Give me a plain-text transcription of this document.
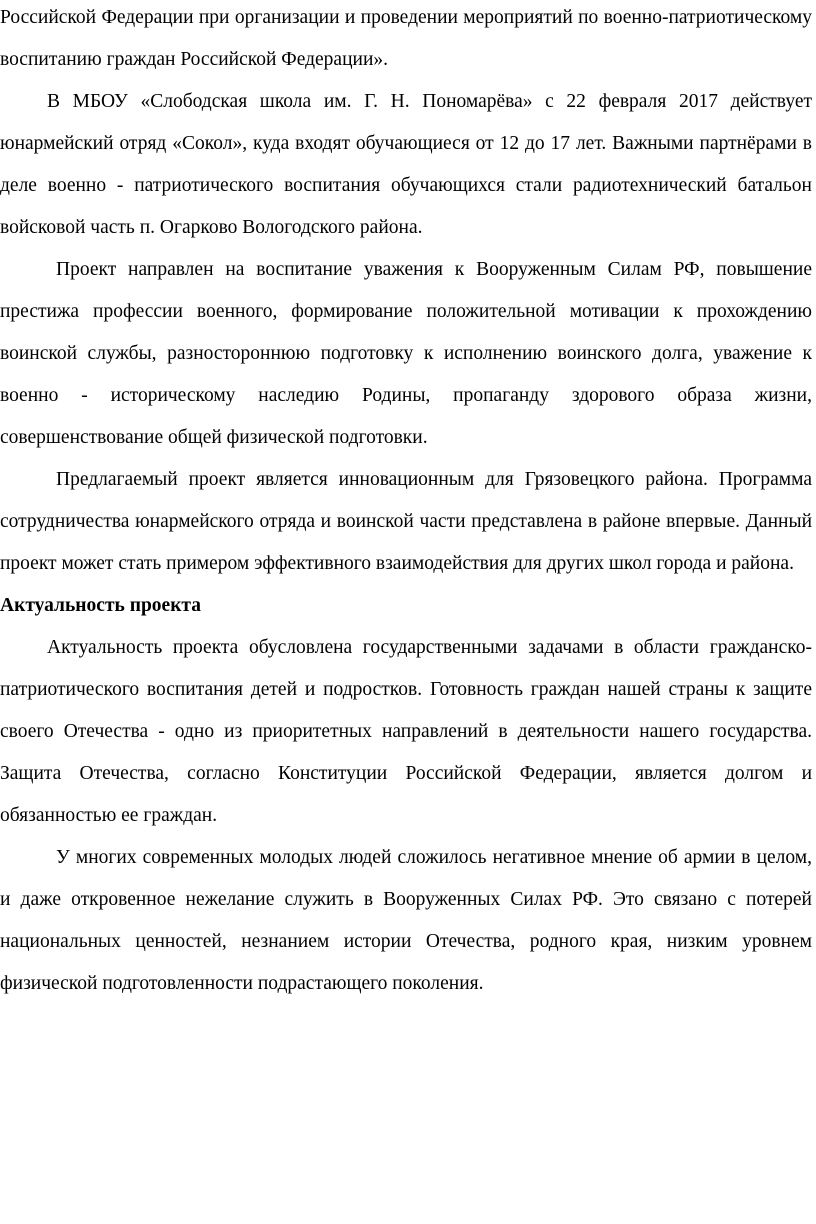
Российской Федерации при организации и проведении мероприятий по военно-патриотическому воспитанию граждан Российской Федерации».

В МБОУ «Слободская школа им. Г. Н. Пономарёва» с 22 февраля 2017 действует юнармейский отряд «Сокол», куда входят обучающиеся от 12 до 17 лет. Важными партнёрами в деле военно - патриотического воспитания обучающихся стали радиотехнический батальон войсковой часть п. Огарково Вологодского района.

Проект направлен на воспитание уважения к Вооруженным Силам РФ, повышение престижа профессии военного, формирование положительной мотивации к прохождению воинской службы, разностороннюю подготовку к исполнению воинского долга, уважение к военно - историческому наследию Родины, пропаганду здорового образа жизни, совершенствование общей физической подготовки.

Предлагаемый проект является инновационным для Грязовецкого района. Программа сотрудничества юнармейского отряда и воинской части представлена в районе впервые. Данный проект может стать примером эффективного взаимодействия для других школ города и района.

Актуальность проекта

Актуальность проекта обусловлена государственными задачами в области гражданско-патриотического воспитания детей и подростков. Готовность граждан нашей страны к защите своего Отечества - одно из приоритетных направлений в деятельности нашего государства. Защита Отечества, согласно Конституции Российской Федерации, является долгом и обязанностью ее граждан.

У многих современных молодых людей сложилось негативное мнение об армии в целом, и даже откровенное нежелание служить в Вооруженных Силах РФ. Это связано с потерей национальных ценностей, незнанием истории Отечества, родного края, низким уровнем физической подготовленности подрастающего поколения.
